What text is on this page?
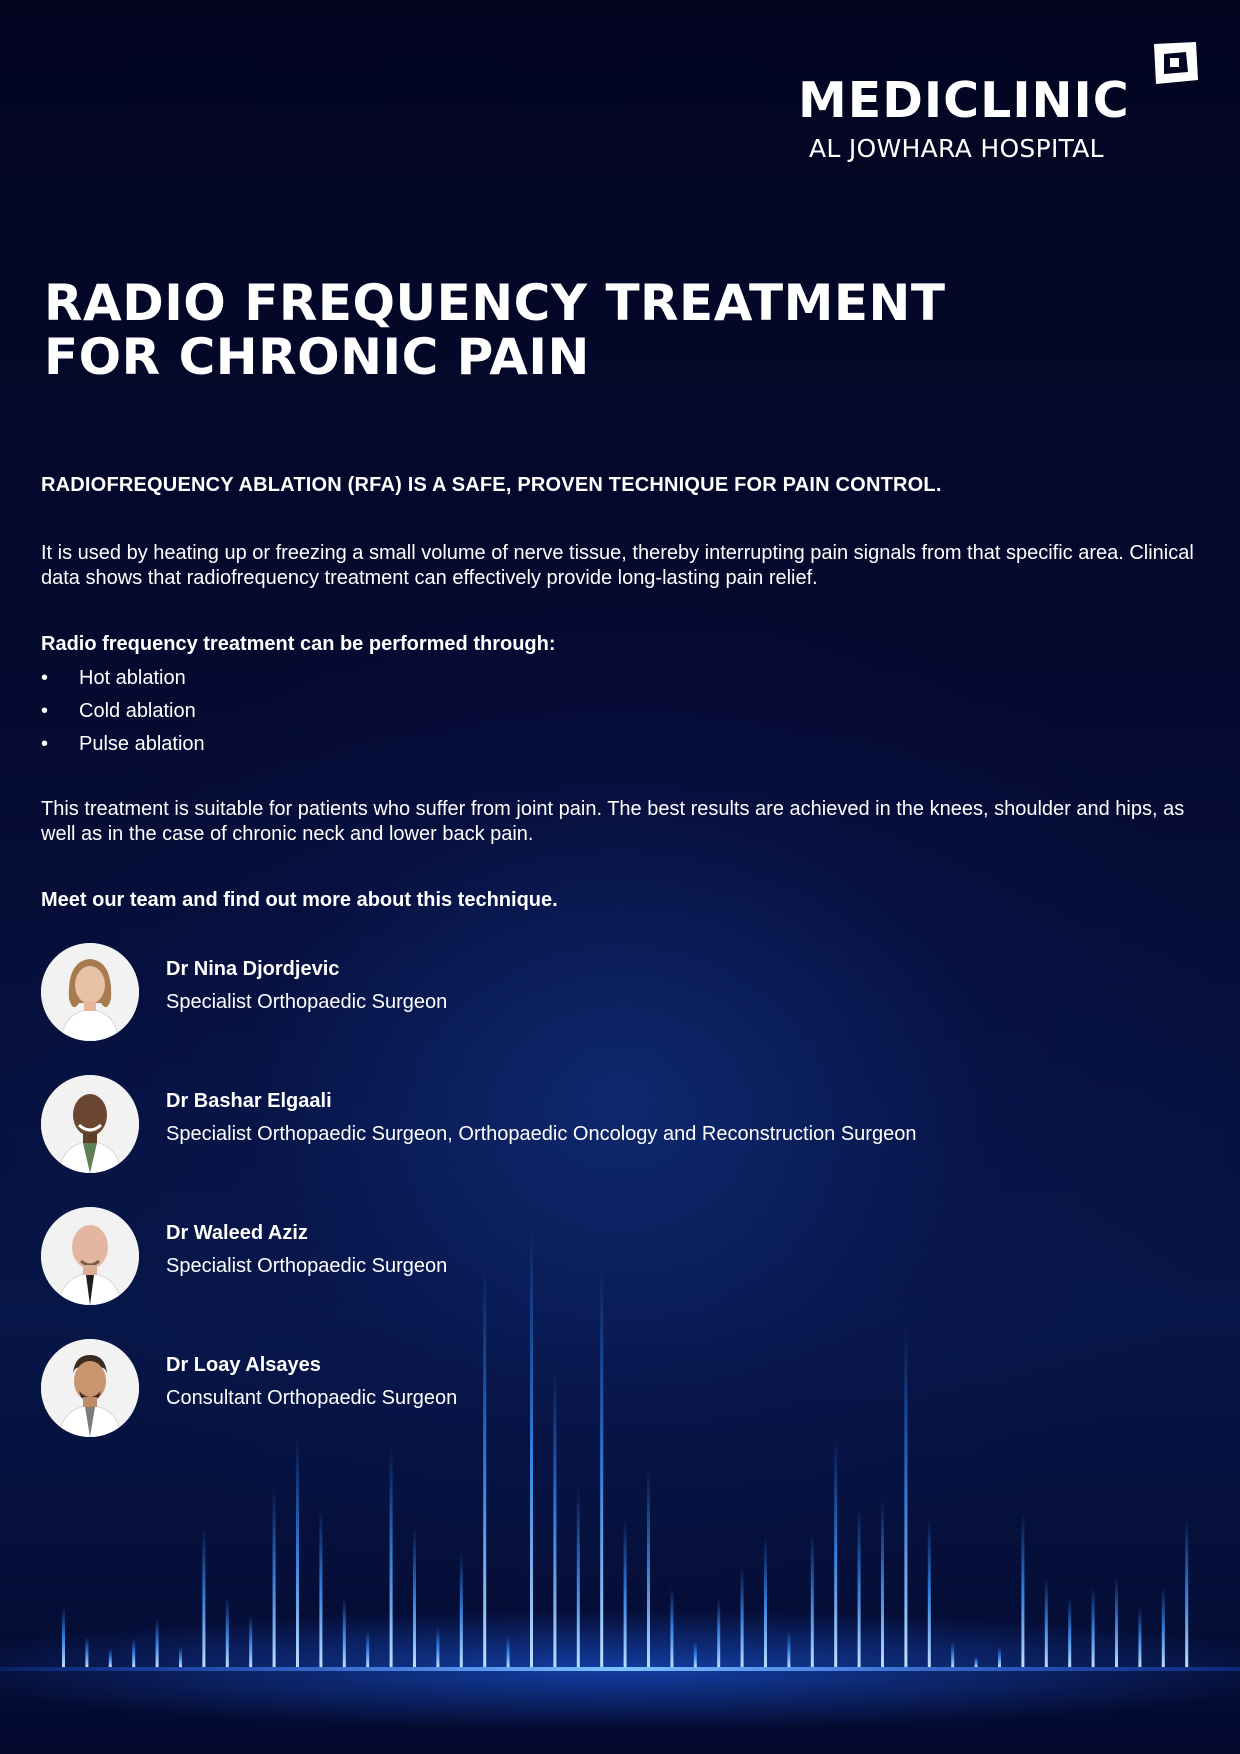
MEDICLINIC
AL JOWHARA HOSPITAL
RADIO FREQUENCY TREATMENT
FOR CHRONIC PAIN
RADIOFREQUENCY ABLATION (RFA) IS A SAFE, PROVEN TECHNIQUE FOR PAIN CONTROL.

It is used by heating up or freezing a small volume of nerve tissue, thereby interrupting pain signals from that specific area. Clinical data shows that radiofrequency treatment can effectively provide long-lasting pain relief.

Radio frequency treatment can be performed through:
•	Hot ablation
•	Cold ablation
•	Pulse ablation

This treatment is suitable for patients who suffer from joint pain. The best results are achieved in the knees, shoulder and hips, as well as in the case of chronic neck and lower back pain.

Meet our team and find out more about this technique.
Dr Nina Djordjevic
Specialist Orthopaedic Surgeon
Dr Bashar Elgaali
Specialist Orthopaedic Surgeon, Orthopaedic Oncology and Reconstruction Surgeon
Dr Waleed Aziz
Specialist Orthopaedic Surgeon
Dr Loay Alsayes
Consultant Orthopaedic Surgeon
